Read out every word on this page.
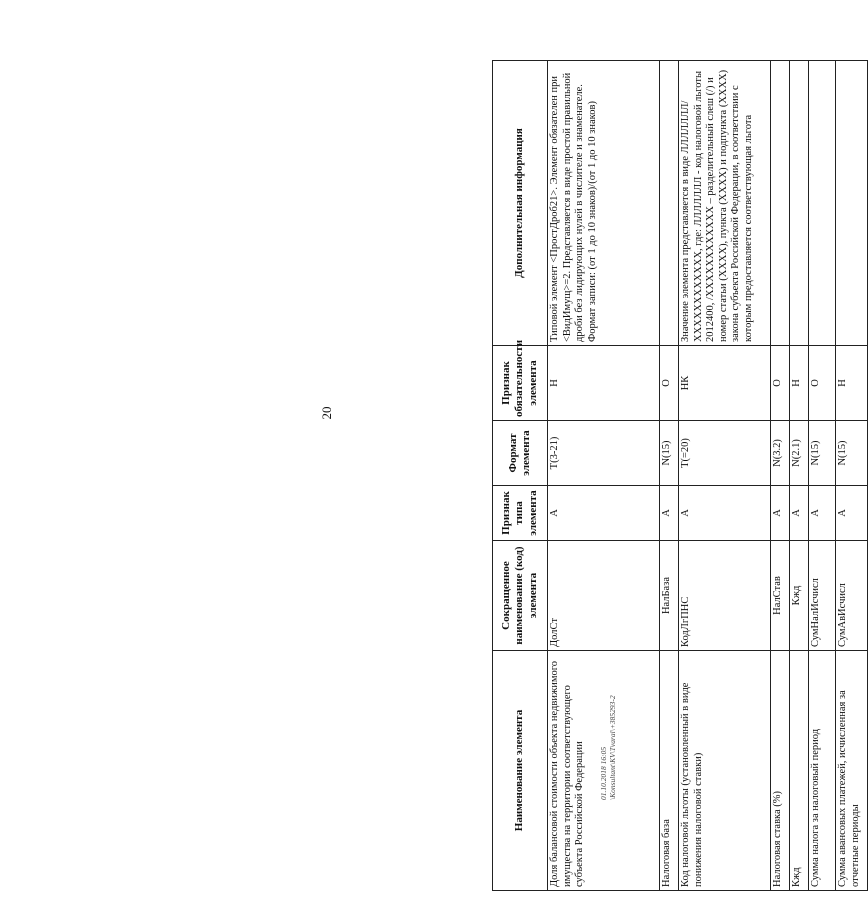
20
Наименование элемента	Сокращенное наименование (код) элемента	Признак типа элемента	Формат элемента	Признак обязательности элемента	Дополнительная информация
Доля балансовой стоимости объекта недвижимого имущества на территории соответствующего субъекта Российской Федерации	ДолСт	А	T(3-21)	Н	Типовой элемент <ПростДроб21>. Элемент обязателен при <ВидИмущ>=2. Представляется в виде простой правильной дроби без лидирующих нулей в числителе и знаменателе. Формат записи: (от 1 до 10 знаков)/(от 1 до 10 знаков)
Налоговая база	НалБаза	А	N(15)	О	
Код налоговой льготы (установленный в виде понижения налоговой ставки)	КодЛгПНС	А	T(=20)	НК	Значение элемента представляется в виде ЛЛЛЛЛЛЛ/ХХХХХХХХХХХХ, где: ЛЛЛЛЛЛЛ - код налоговой льготы 2012400, /ХХХХХХХХХХХХ – разделительный слеш (/) и номер статьи (ХХХХ), пункта (ХХХХ) и подпункта (ХХХХ) закона субъекта Российской Федерации, в соответствии с которым предоставляется соответствующая льгота
Налоговая ставка (%)	НалСтав	А	N(3.2)	О	
Кжд	Кжд	А	N(2.1)	Н	
Сумма налога за налоговый период	СумНалИсчисл	А	N(15)	О	
Сумма авансовых платежей, исчисленная за отчетные периоды	СумАвИсчисл	А	N(15)	Н	
01.10.2018 16:05 \Konsultant\KV\Tvaral\+385293-2
